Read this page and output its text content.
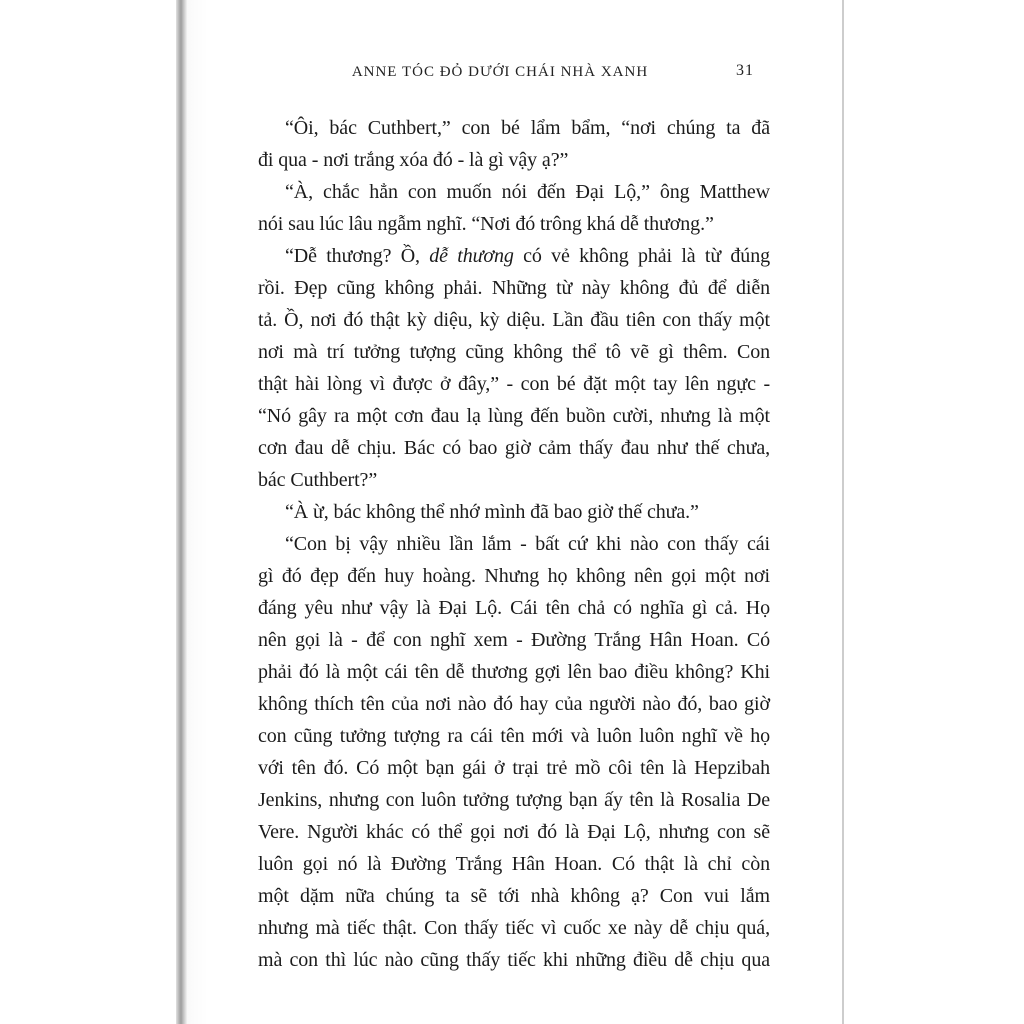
ANNE TÓC ĐỎ DƯỚI CHÁI NHÀ XANH	31
“Ôi, bác Cuthbert,” con bé lẩm bẩm, “nơi chúng ta đã
đi qua - nơi trắng xóa đó - là gì vậy ạ?”
“À, chắc hẳn con muốn nói đến Đại Lộ,” ông Matthew
nói sau lúc lâu ngẫm nghĩ. “Nơi đó trông khá dễ thương.”
“Dễ thương? Ồ, dễ thương có vẻ không phải là từ đúng
rồi. Đẹp cũng không phải. Những từ này không đủ để diễn
tả. Ồ, nơi đó thật kỳ diệu, kỳ diệu. Lần đầu tiên con thấy một
nơi mà trí tưởng tượng cũng không thể tô vẽ gì thêm. Con
thật hài lòng vì được ở đây,” - con bé đặt một tay lên ngực -
“Nó gây ra một cơn đau lạ lùng đến buồn cười, nhưng là một
cơn đau dễ chịu. Bác có bao giờ cảm thấy đau như thế chưa,
bác Cuthbert?”
“À ừ, bác không thể nhớ mình đã bao giờ thế chưa.”
“Con bị vậy nhiều lần lắm - bất cứ khi nào con thấy cái
gì đó đẹp đến huy hoàng. Nhưng họ không nên gọi một nơi
đáng yêu như vậy là Đại Lộ. Cái tên chả có nghĩa gì cả. Họ
nên gọi là - để con nghĩ xem - Đường Trắng Hân Hoan. Có
phải đó là một cái tên dễ thương gợi lên bao điều không? Khi
không thích tên của nơi nào đó hay của người nào đó, bao giờ
con cũng tưởng tượng ra cái tên mới và luôn luôn nghĩ về họ
với tên đó. Có một bạn gái ở trại trẻ mồ côi tên là Hepzibah
Jenkins, nhưng con luôn tưởng tượng bạn ấy tên là Rosalia De
Vere. Người khác có thể gọi nơi đó là Đại Lộ, nhưng con sẽ
luôn gọi nó là Đường Trắng Hân Hoan. Có thật là chỉ còn
một dặm nữa chúng ta sẽ tới nhà không ạ? Con vui lắm
nhưng mà tiếc thật. Con thấy tiếc vì cuốc xe này dễ chịu quá,
mà con thì lúc nào cũng thấy tiếc khi những điều dễ chịu qua
